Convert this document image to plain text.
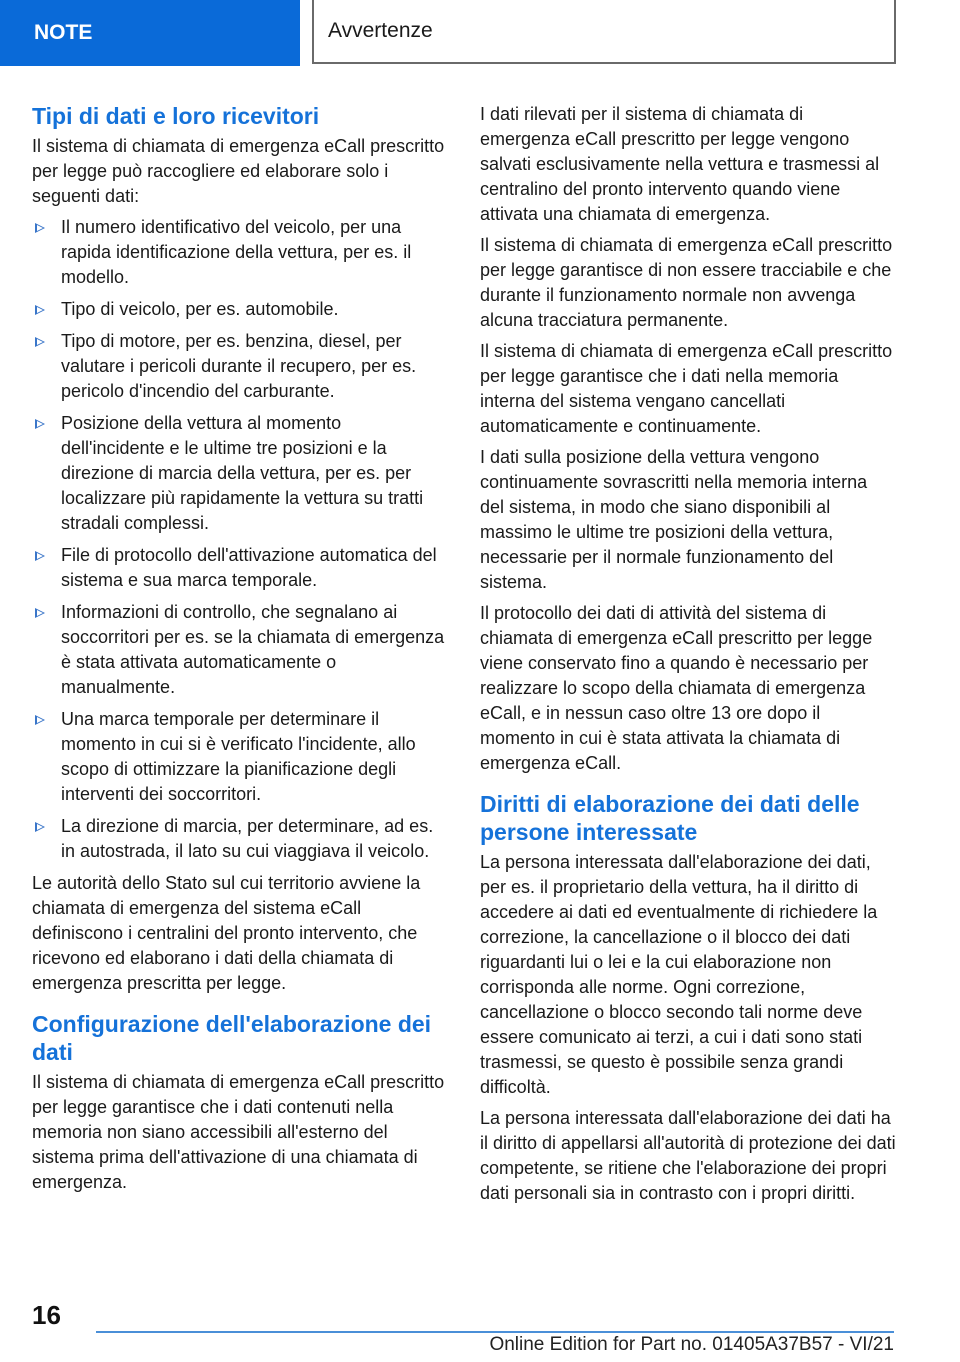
NOTE	Avvertenze
Tipi di dati e loro ricevitori

Il sistema di chiamata di emergenza eCall prescritto per legge può raccogliere ed elaborare solo i seguenti dati:

Il numero identificativo del veicolo, per una rapida identificazione della vettura, per es. il modello.
Tipo di veicolo, per es. automobile.
Tipo di motore, per es. benzina, diesel, per valutare i pericoli durante il recupero, per es. pericolo d'incendio del carburante.
Posizione della vettura al momento dell'incidente e le ultime tre posizioni e la direzione di marcia della vettura, per es. per localizzare più rapidamente la vettura su tratti stradali complessi.
File di protocollo dell'attivazione automatica del sistema e sua marca temporale.
Informazioni di controllo, che segnalano ai soccorritori per es. se la chiamata di emergenza è stata attivata automaticamente o manualmente.
Una marca temporale per determinare il momento in cui si è verificato l'incidente, allo scopo di ottimizzare la pianificazione degli interventi dei soccorritori.
La direzione di marcia, per determinare, ad es. in autostrada, il lato su cui viaggiava il veicolo.

Le autorità dello Stato sul cui territorio avviene la chiamata di emergenza del sistema eCall definiscono i centralini del pronto intervento, che ricevono ed elaborano i dati della chiamata di emergenza prescritta per legge.

Configurazione dell'elaborazione dei dati

Il sistema di chiamata di emergenza eCall prescritto per legge garantisce che i dati contenuti nella memoria non siano accessibili all'esterno del sistema prima dell'attivazione di una chiamata di emergenza.

I dati rilevati per il sistema di chiamata di emergenza eCall prescritto per legge vengono salvati esclusivamente nella vettura e trasmessi al centralino del pronto intervento quando viene attivata una chiamata di emergenza.

Il sistema di chiamata di emergenza eCall prescritto per legge garantisce di non essere tracciabile e che durante il funzionamento normale non avvenga alcuna tracciatura permanente.

Il sistema di chiamata di emergenza eCall prescritto per legge garantisce che i dati nella memoria interna del sistema vengano cancellati automaticamente e continuamente.

I dati sulla posizione della vettura vengono continuamente sovrascritti nella memoria interna del sistema, in modo che siano disponibili al massimo le ultime tre posizioni della vettura, necessarie per il normale funzionamento del sistema.

Il protocollo dei dati di attività del sistema di chiamata di emergenza eCall prescritto per legge viene conservato fino a quando è necessario per realizzare lo scopo della chiamata di emergenza eCall, e in nessun caso oltre 13 ore dopo il momento in cui è stata attivata la chiamata di emergenza eCall.

Diritti di elaborazione dei dati delle persone interessate

La persona interessata dall'elaborazione dei dati, per es. il proprietario della vettura, ha il diritto di accedere ai dati ed eventualmente di richiedere la correzione, la cancellazione o il blocco dei dati riguardanti lui o lei e la cui elaborazione non corrisponda alle norme. Ogni correzione, cancellazione o blocco secondo tali norme deve essere comunicato ai terzi, a cui i dati sono stati trasmessi, se questo è possibile senza grandi difficoltà.

La persona interessata dall'elaborazione dei dati ha il diritto di appellarsi all'autorità di protezione dei dati competente, se ritiene che l'elaborazione dei propri dati personali sia in contrasto con i propri diritti.

16
Online Edition for Part no. 01405A37B57 - VI/21
